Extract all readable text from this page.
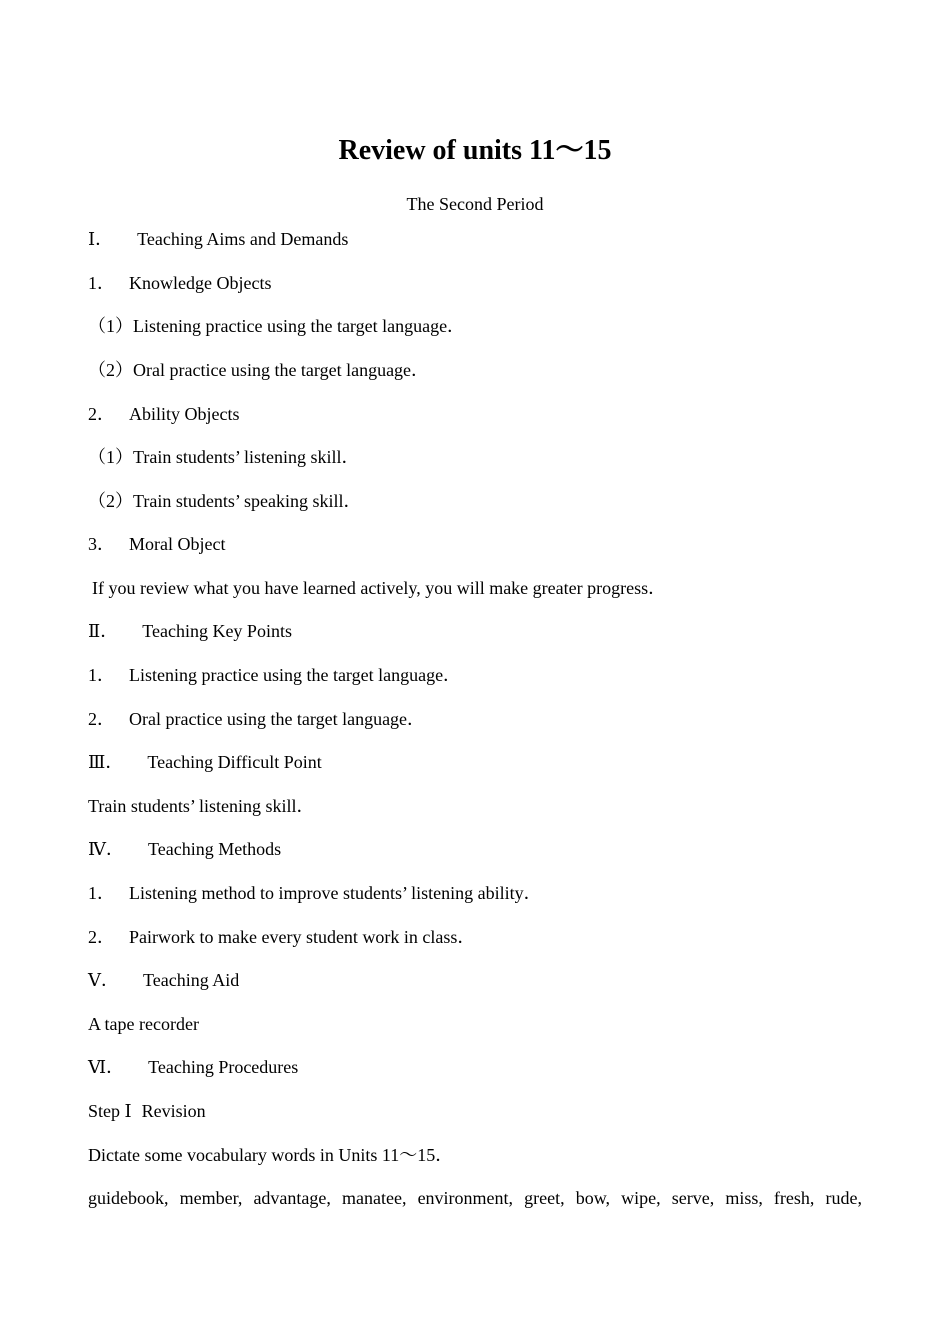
Review of units 11～15
The Second Period
Ⅰ． Teaching Aims and Demands
1． Knowledge Objects
（1）Listening practice using the target language．
（2）Oral practice using the target language．
2． Ability Objects
（1）Train students’ listening skill．
（2）Train students’ speaking skill．
3． Moral Object
If you review what you have learned actively, you will make greater progress．
Ⅱ． Teaching Key Points
1． Listening practice using the target language．
2． Oral practice using the target language．
Ⅲ． Teaching Difficult Point
Train students’ listening skill．
Ⅳ． Teaching Methods
1． Listening method to improve students’ listening ability．
2． Pairwork to make every student work in class．
Ⅴ． Teaching Aid
A tape recorder
Ⅵ． Teaching Procedures
Step Ⅰ Revision
Dictate some vocabulary words in Units 11～15．
guidebook, member, advantage, manatee, environment, greet, bow, wipe, serve, miss, fresh, rude,
